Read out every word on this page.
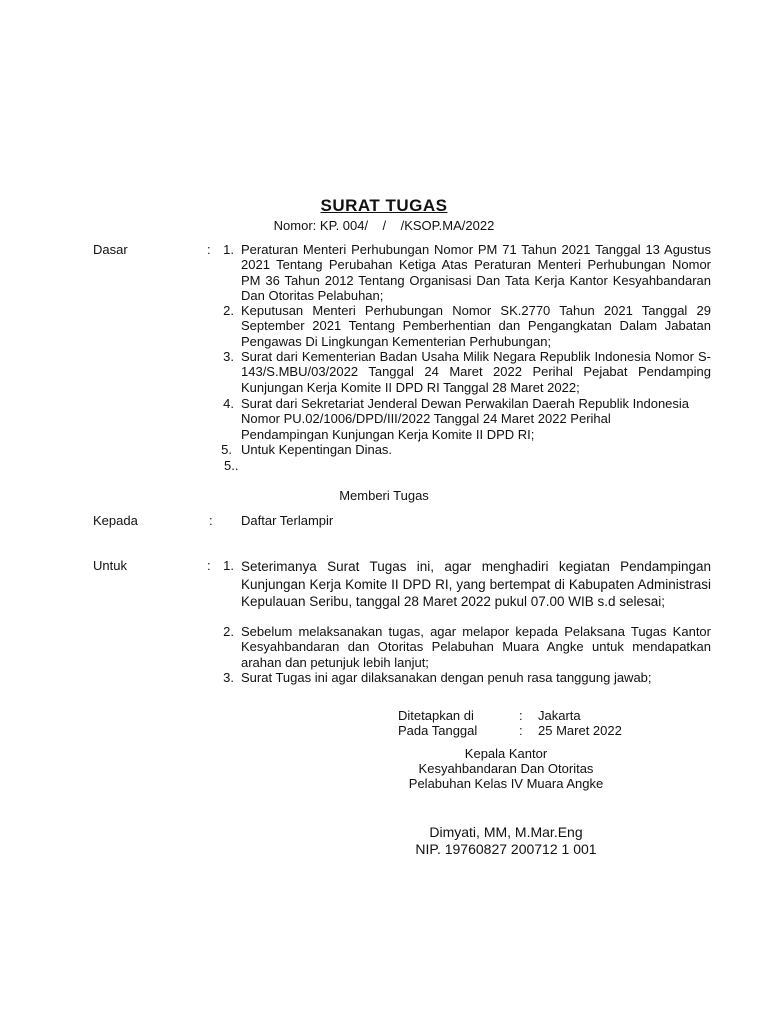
SURAT TUGAS
Nomor: KP. 004/    /    /KSOP.MA/2022
Dasar	: 1. Peraturan Menteri Perhubungan Nomor PM 71 Tahun 2021 Tanggal 13 Agustus 2021 Tentang Perubahan Ketiga Atas Peraturan Menteri Perhubungan Nomor PM 36 Tahun 2012 Tentang Organisasi Dan Tata Kerja Kantor Kesyahbandaran Dan Otoritas Pelabuhan;
2. Keputusan Menteri Perhubungan Nomor SK.2770 Tahun 2021 Tanggal 29 September 2021 Tentang Pemberhentian dan Pengangkatan Dalam Jabatan Pengawas Di Lingkungan Kementerian Perhubungan;
3. Surat dari Kementerian Badan Usaha Milik Negara Republik Indonesia Nomor S-143/S.MBU/03/2022 Tanggal 24 Maret 2022 Perihal Pejabat Pendamping Kunjungan Kerja Komite II DPD RI Tanggal 28 Maret 2022;
4. Surat dari Sekretariat Jenderal Dewan Perwakilan Daerah Republik Indonesia Nomor PU.02/1006/DPD/III/2022 Tanggal 24 Maret 2022 Perihal Pendampingan Kunjungan Kerja Komite II DPD RI;
5. Untuk Kepentingan Dinas.
5..
Memberi Tugas
Kepada	: Daftar Terlampir
Untuk	: 1. Seterimanya Surat Tugas ini, agar menghadiri kegiatan Pendampingan Kunjungan Kerja Komite II DPD RI, yang bertempat di Kabupaten Administrasi Kepulauan Seribu, tanggal 28 Maret 2022 pukul 07.00 WIB s.d selesai;
2. Sebelum melaksanakan tugas, agar melapor kepada Pelaksana Tugas Kantor Kesyahbandaran dan Otoritas Pelabuhan Muara Angke untuk mendapatkan arahan dan petunjuk lebih lanjut;
3. Surat Tugas ini agar dilaksanakan dengan penuh rasa tanggung jawab;
Ditetapkan di	: Jakarta
Pada Tanggal	: 25 Maret 2022
Kepala Kantor
Kesyahbandaran Dan Otoritas
Pelabuhan Kelas IV Muara Angke
Dimyati, MM, M.Mar.Eng
NIP. 19760827 200712 1 001
